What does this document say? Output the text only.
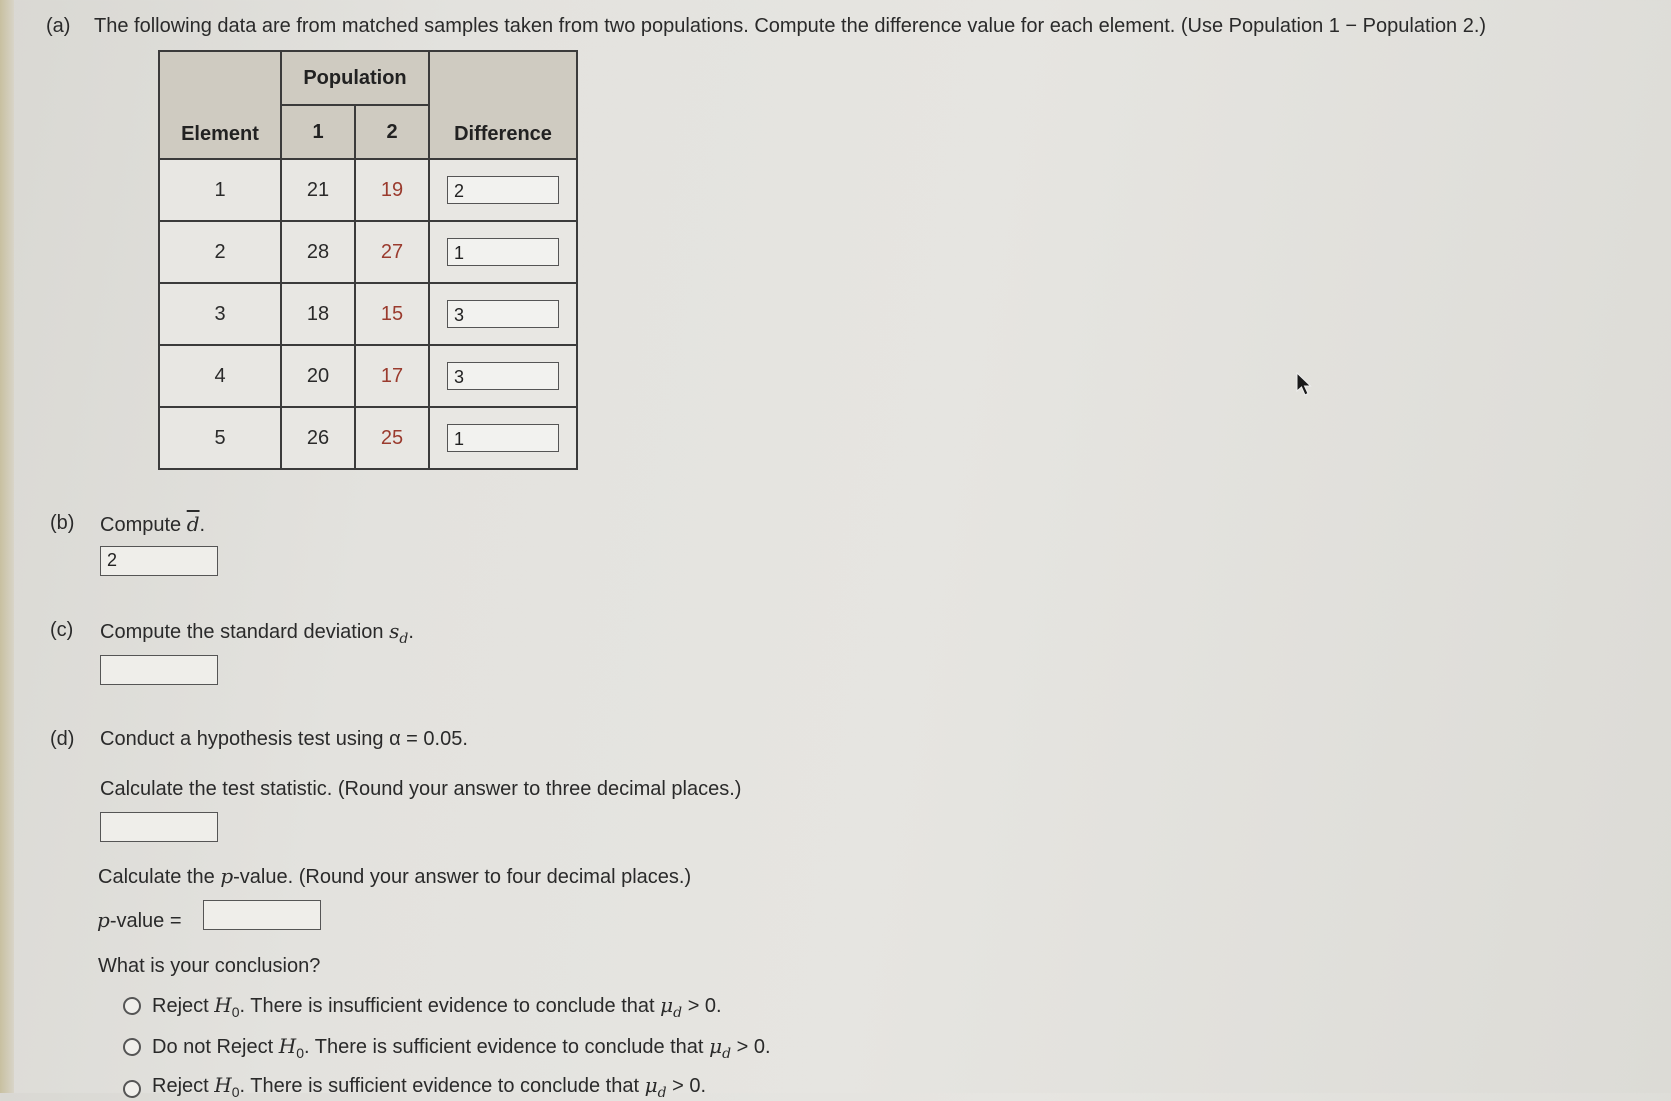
(a) The following data are from matched samples taken from two populations. Compute the difference value for each element. (Use Population 1 − Population 2.)
Element	Population		Difference
	1	2	
1	21	19	2
2	28	27	1
3	18	15	3
4	20	17	3
5	26	25	1
(b) Compute $\overline{d}$.
2
(c) Compute the standard deviation $s_d$.
(d) Conduct a hypothesis test using α = 0.05.
Calculate the test statistic. (Round your answer to three decimal places.)
Calculate the p-value. (Round your answer to four decimal places.)
p-value =
What is your conclusion?
Reject $H_0$. There is insufficient evidence to conclude that $\mu_d > 0$.
Do not Reject $H_0$. There is sufficient evidence to conclude that $\mu_d > 0$.
Reject $H_0$. There is sufficient evidence to conclude that $\mu_d > 0$.
